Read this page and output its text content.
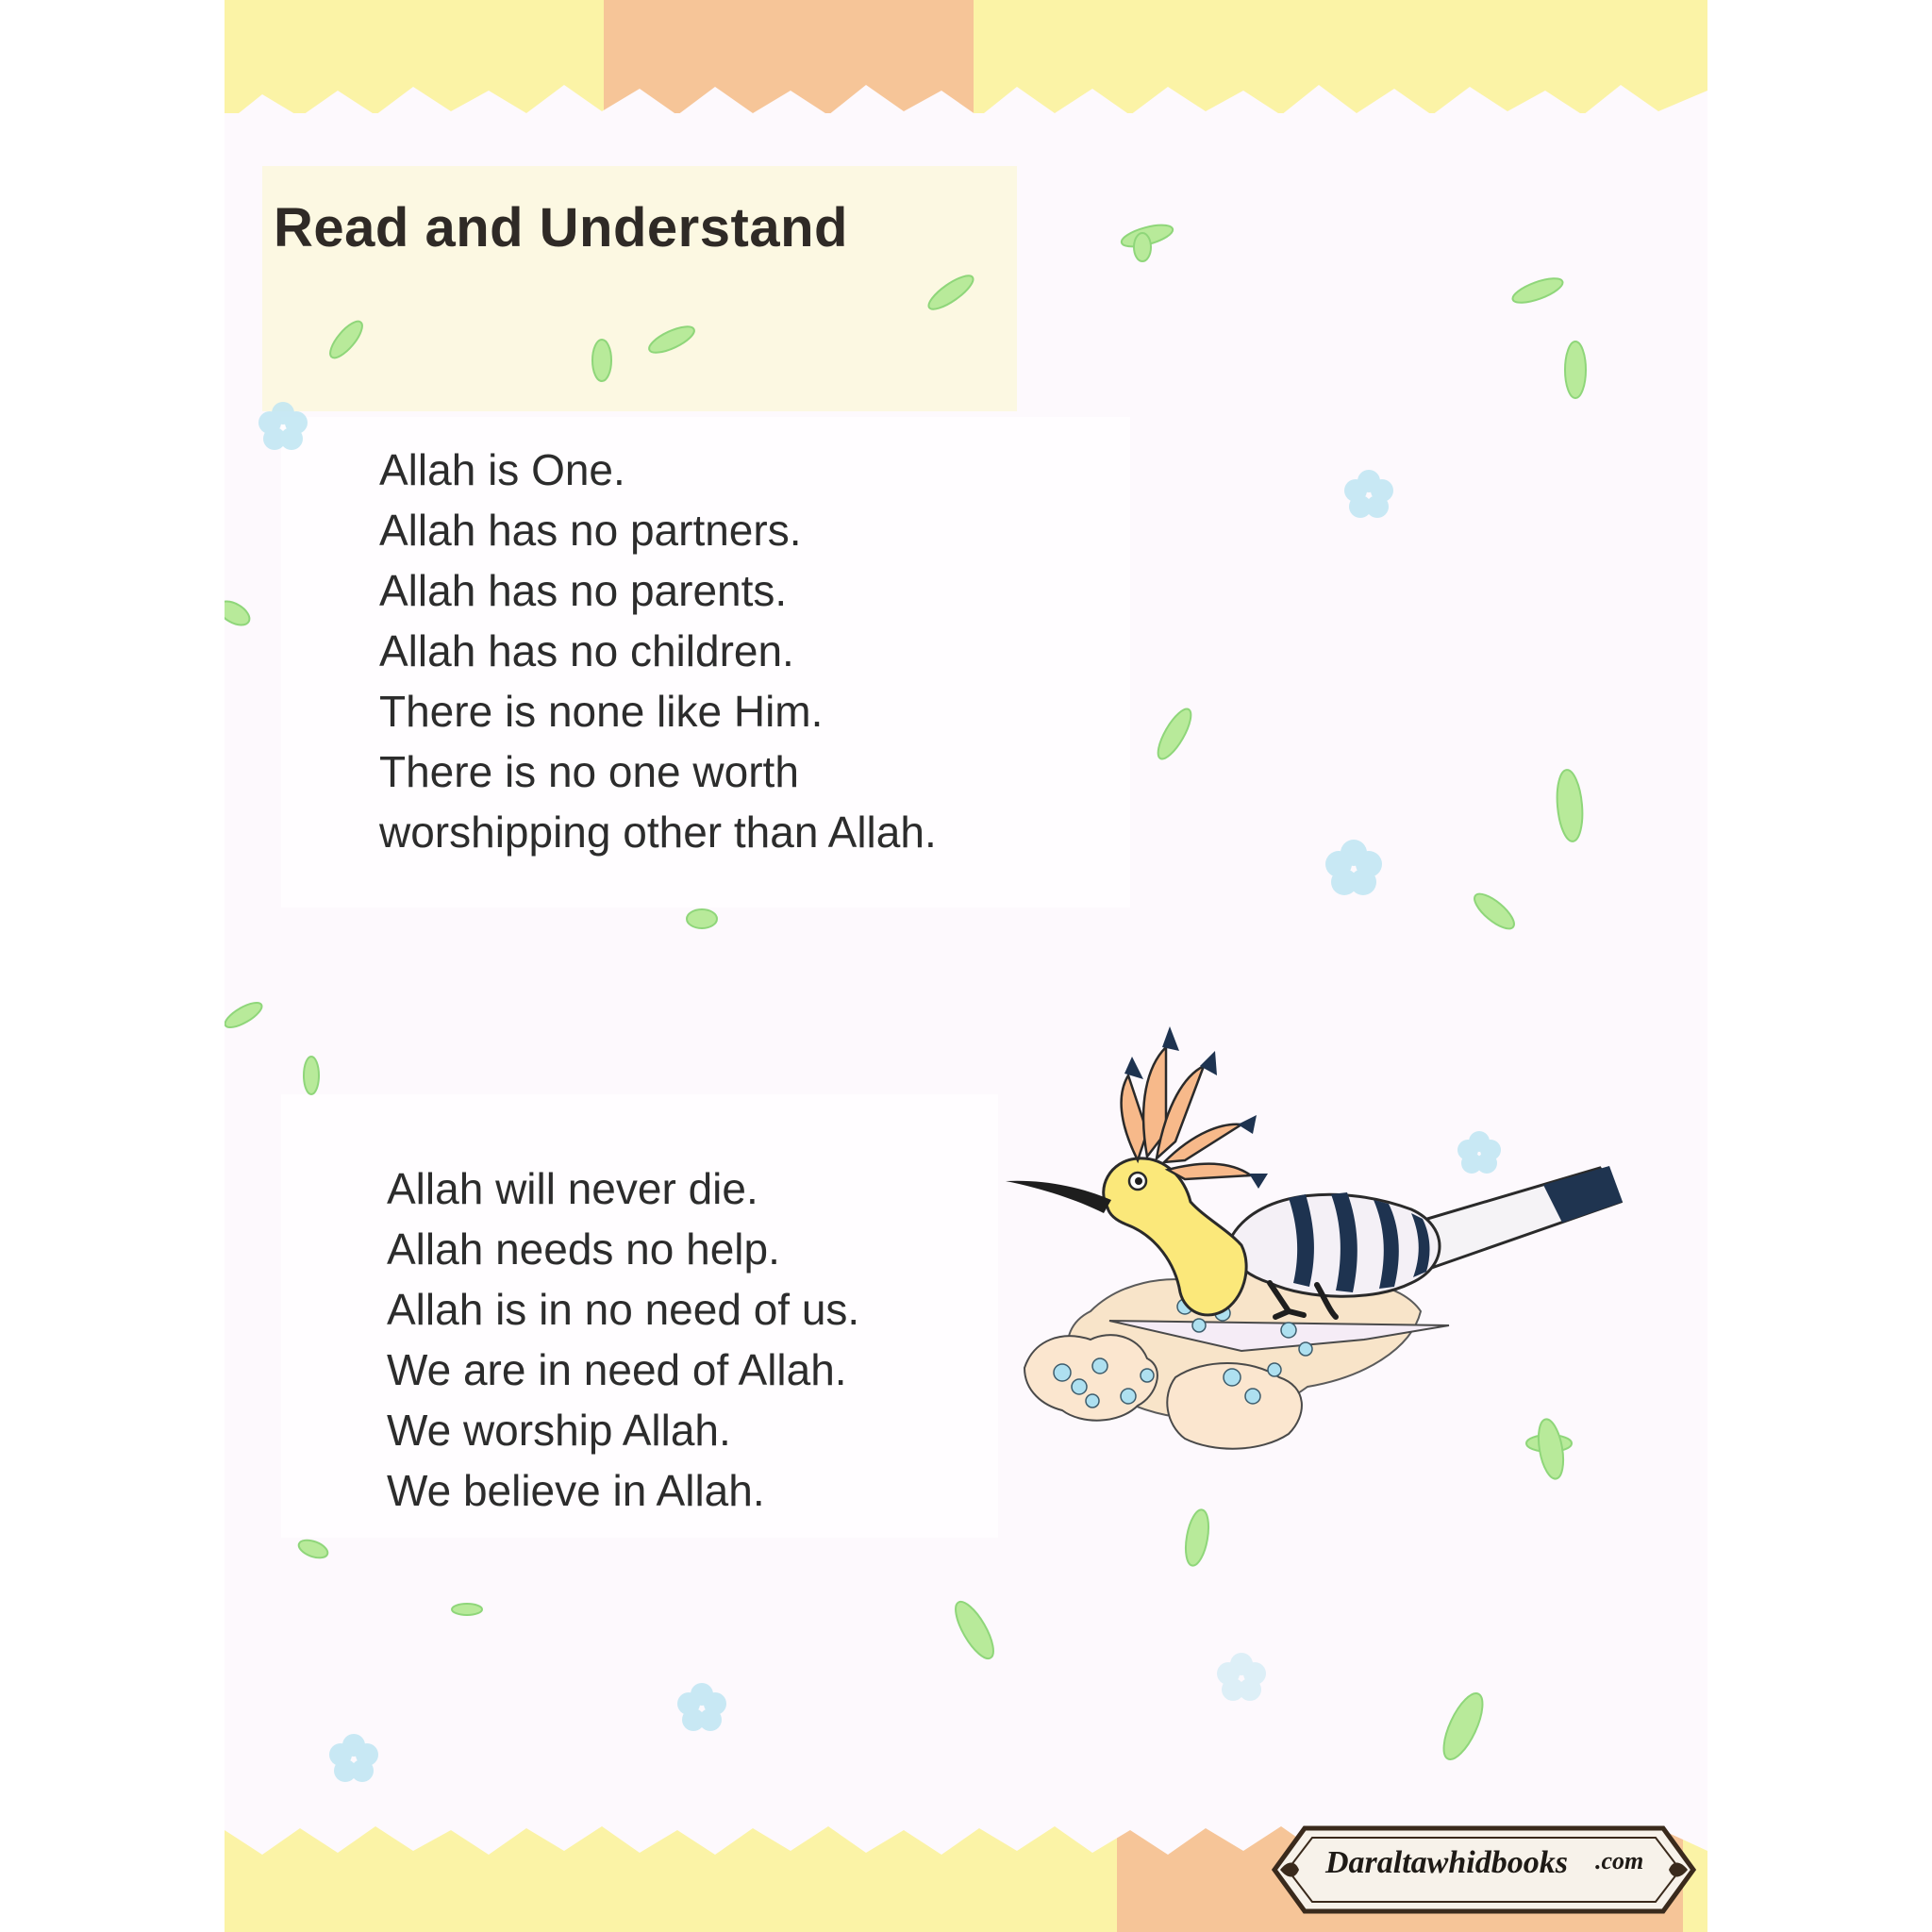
Read and Understand
Allah is One.
Allah has no partners.
Allah has no parents.
Allah has no children.
There is none like Him.
There is no one worth
worshipping other than Allah.
Allah will never die.
Allah needs no help.
Allah is in no need of us.
We are in need of Allah.
We worship Allah.
We believe in Allah.
Daraltawhidbooks .com
